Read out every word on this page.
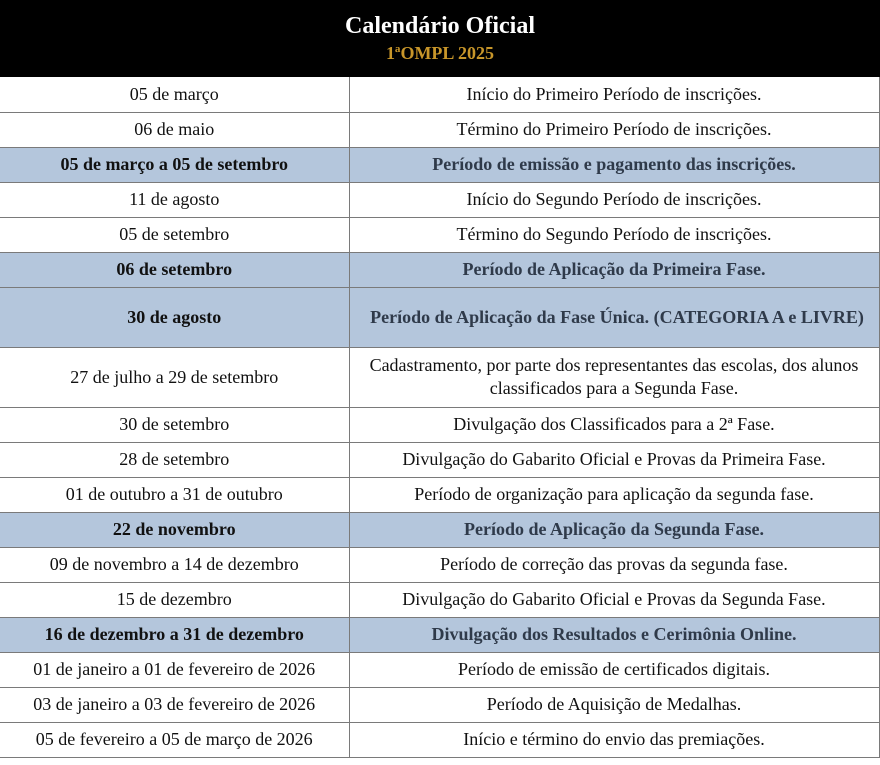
Calendário Oficial
1ªOMPL 2025
05 de março	Início do Primeiro Período de inscrições.
06 de maio	Término do Primeiro Período de inscrições.
05 de março a 05 de setembro	Período de emissão e pagamento das inscrições.
11 de agosto	Início do Segundo Período de inscrições.
05 de setembro	Término do Segundo Período de inscrições.
06 de setembro	Período de Aplicação da Primeira Fase.
30 de agosto	Período de Aplicação da Fase Única. (CATEGORIA A e LIVRE)
27 de julho a 29 de setembro	Cadastramento, por parte dos representantes das escolas, dos alunos classificados para a Segunda Fase.
30 de setembro	Divulgação dos Classificados para a 2ª Fase.
28 de setembro	Divulgação do Gabarito Oficial e Provas da Primeira Fase.
01 de outubro a 31 de outubro	Período de organização para aplicação da segunda fase.
22 de novembro	Período de Aplicação da Segunda Fase.
09 de novembro a 14 de dezembro	Período de correção das provas da segunda fase.
15 de dezembro	Divulgação do Gabarito Oficial e Provas da Segunda Fase.
16 de dezembro a 31 de dezembro	Divulgação dos Resultados e Cerimônia Online.
01 de janeiro a 01 de fevereiro de 2026	Período de emissão de certificados digitais.
03 de janeiro a 03 de fevereiro de 2026	Período de Aquisição de Medalhas.
05 de fevereiro a 05 de março de 2026	Início e término do envio das premiações.
